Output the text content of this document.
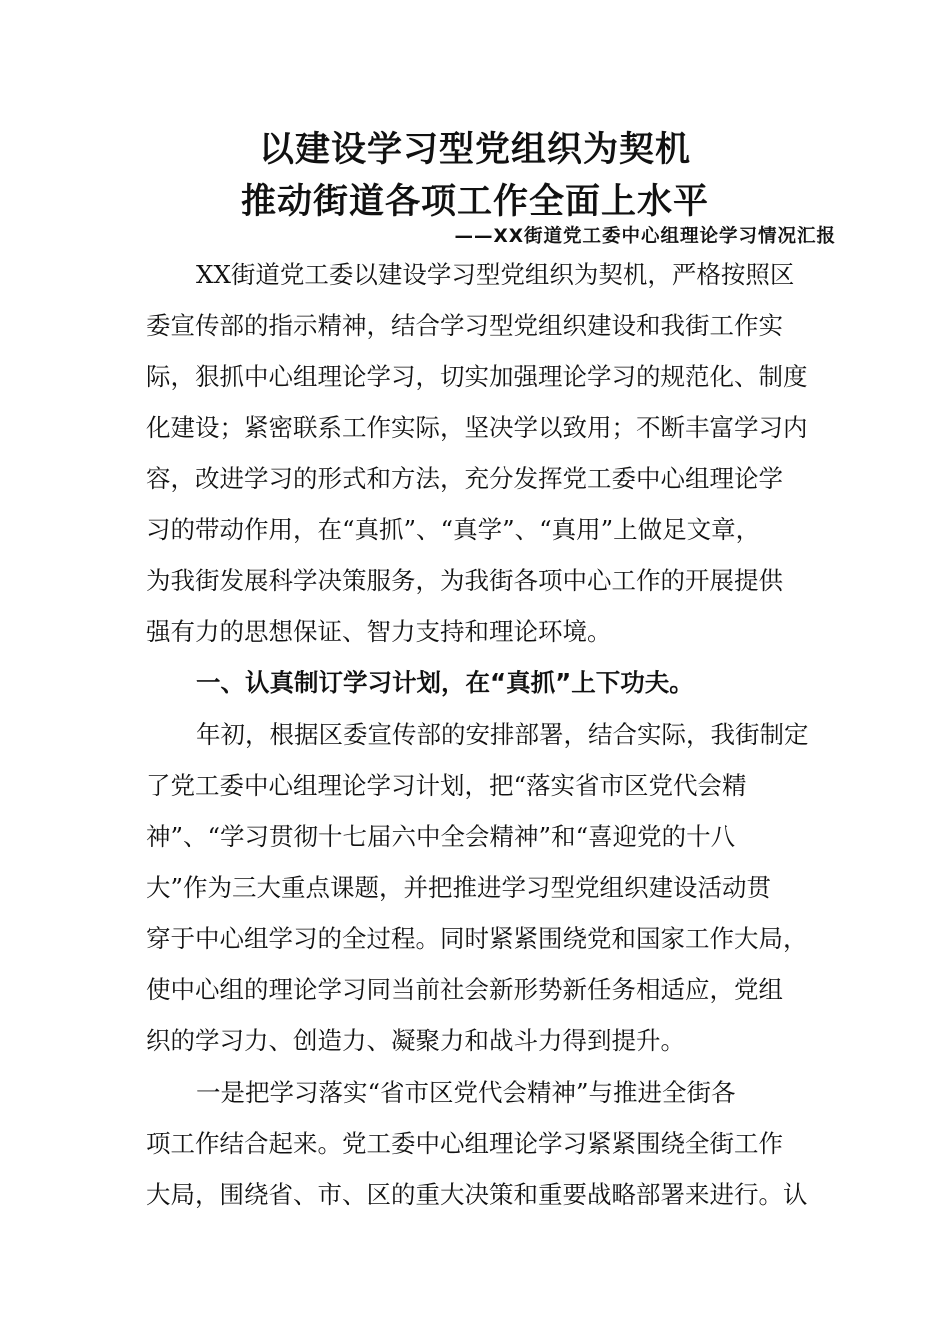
以建设学习型党组织为契机
推动街道各项工作全面上水平
——XX街道党工委中心组理论学习情况汇报
XX街道党工委以建设学习型党组织为契机，严格按照区
委宣传部的指示精神，结合学习型党组织建设和我街工作实
际，狠抓中心组理论学习，切实加强理论学习的规范化、制度
化建设；紧密联系工作实际，坚决学以致用；不断丰富学习内
容，改进学习的形式和方法，充分发挥党工委中心组理论学
习的带动作用，在“真抓”、“真学”、“真用”上做足文章，
为我街发展科学决策服务，为我街各项中心工作的开展提供
强有力的思想保证、智力支持和理论环境。
一、认真制订学习计划，在“真抓”上下功夫。
年初，根据区委宣传部的安排部署，结合实际，我街制定
了党工委中心组理论学习计划，把“落实省市区党代会精
神”、“学习贯彻十七届六中全会精神”和“喜迎党的十八
大”作为三大重点课题，并把推进学习型党组织建设活动贯
穿于中心组学习的全过程。同时紧紧围绕党和国家工作大局，
使中心组的理论学习同当前社会新形势新任务相适应，党组
织的学习力、创造力、凝聚力和战斗力得到提升。
一是把学习落实“省市区党代会精神”与推进全街各
项工作结合起来。党工委中心组理论学习紧紧围绕全街工作
大局，围绕省、市、区的重大决策和重要战略部署来进行。认
